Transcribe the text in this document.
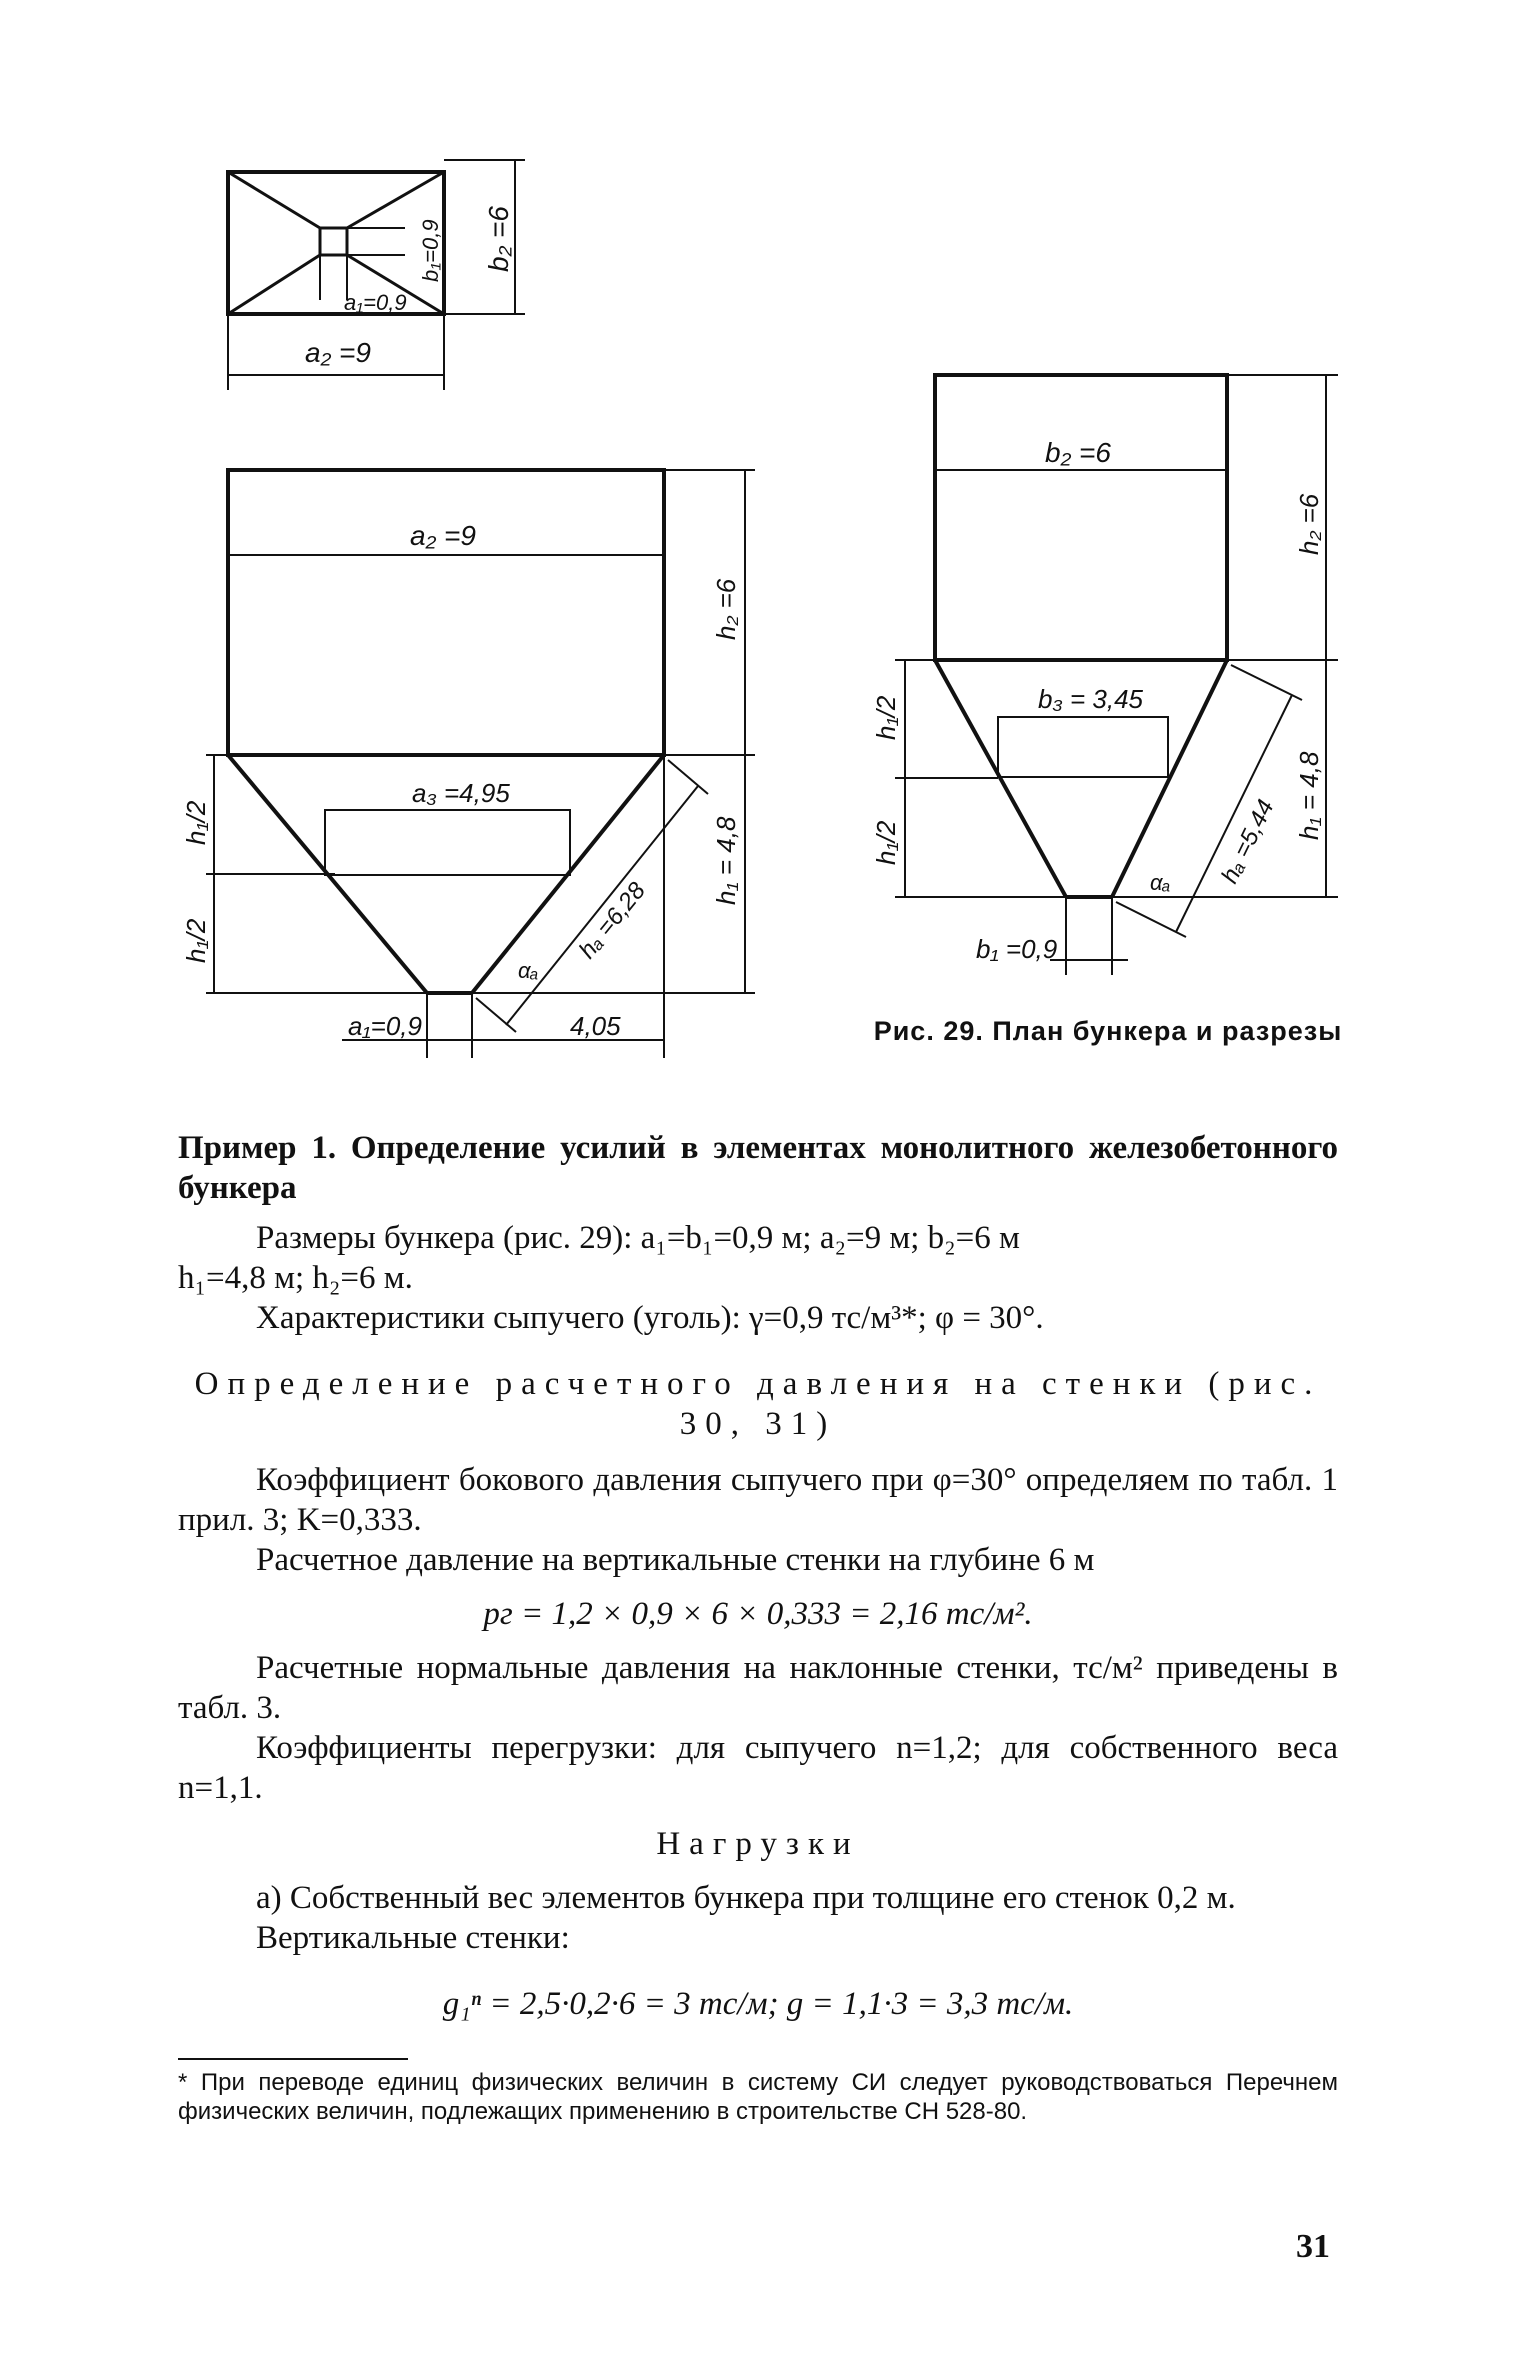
a₂ =9
b₂ =6
b₁=0,9
a₁=0,9
a₂ =9
a₃ =4,95
h₂ =6
h₁ = 4,8
h₁/2
h₁/2	hₐ =6,28
αₐ
a₁=0,9	4,05
b₂ =6
b₃ = 3,45
h₂ =6
h₁ = 4,8
h₁/2
h₁/2	hₐ =5,44
αₐ
b₁ =0,9
Рис. 29. План бункера и разрезы

Пример 1. Определение усилий в элементах монолитного железобетонного бункера

Размеры бункера (рис. 29): a₁=b₁=0,9 м; a₂=9 м; b₂=6 м

h₁=4,8 м; h₂=6 м.

Характеристики сыпучего (уголь): γ=0,9 тс/м³*; φ = 30°.

Определение расчетного давления на стенки (рис. 30, 31)

Коэффициент бокового давления сыпучего при φ=30° определяем по табл. 1 прил. 3; K=0,333.

Расчетное давление на вертикальные стенки на глубине 6 м

pг = 1,2 × 0,9 × 6 × 0,333 = 2,16 тс/м².

Расчетные нормальные давления на наклонные стенки, тс/м² приведены в табл. 3.

Коэффициенты перегрузки: для сыпучего n=1,2; для собственного веса n=1,1.

Нагрузки

а) Собственный вес элементов бункера при толщине его стенок 0,2 м.

Вертикальные стенки:

g₁ⁿ = 2,5·0,2·6 = 3 тс/м; g = 1,1·3 = 3,3 тс/м.

* При переводе единиц физических величин в систему СИ следует руководствоваться Перечнем физических величин, подлежащих применению в строительстве СН 528-80.
31
